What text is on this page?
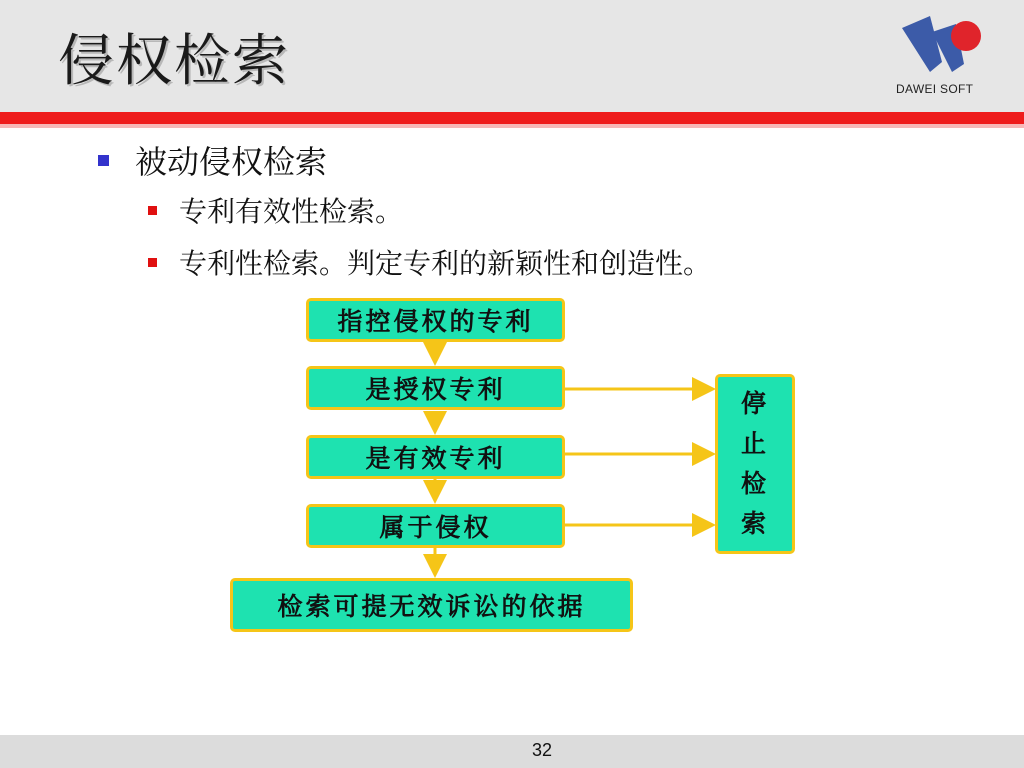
侵权检索	DAWEI SOFT
被动侵权检索
专利有效性检索。
专利性检索。判定专利的新颖性和创造性。
指控侵权的专利
是授权专利
是有效专利
属于侵权
检索可提无效诉讼的依据
停
止
检
索
32
